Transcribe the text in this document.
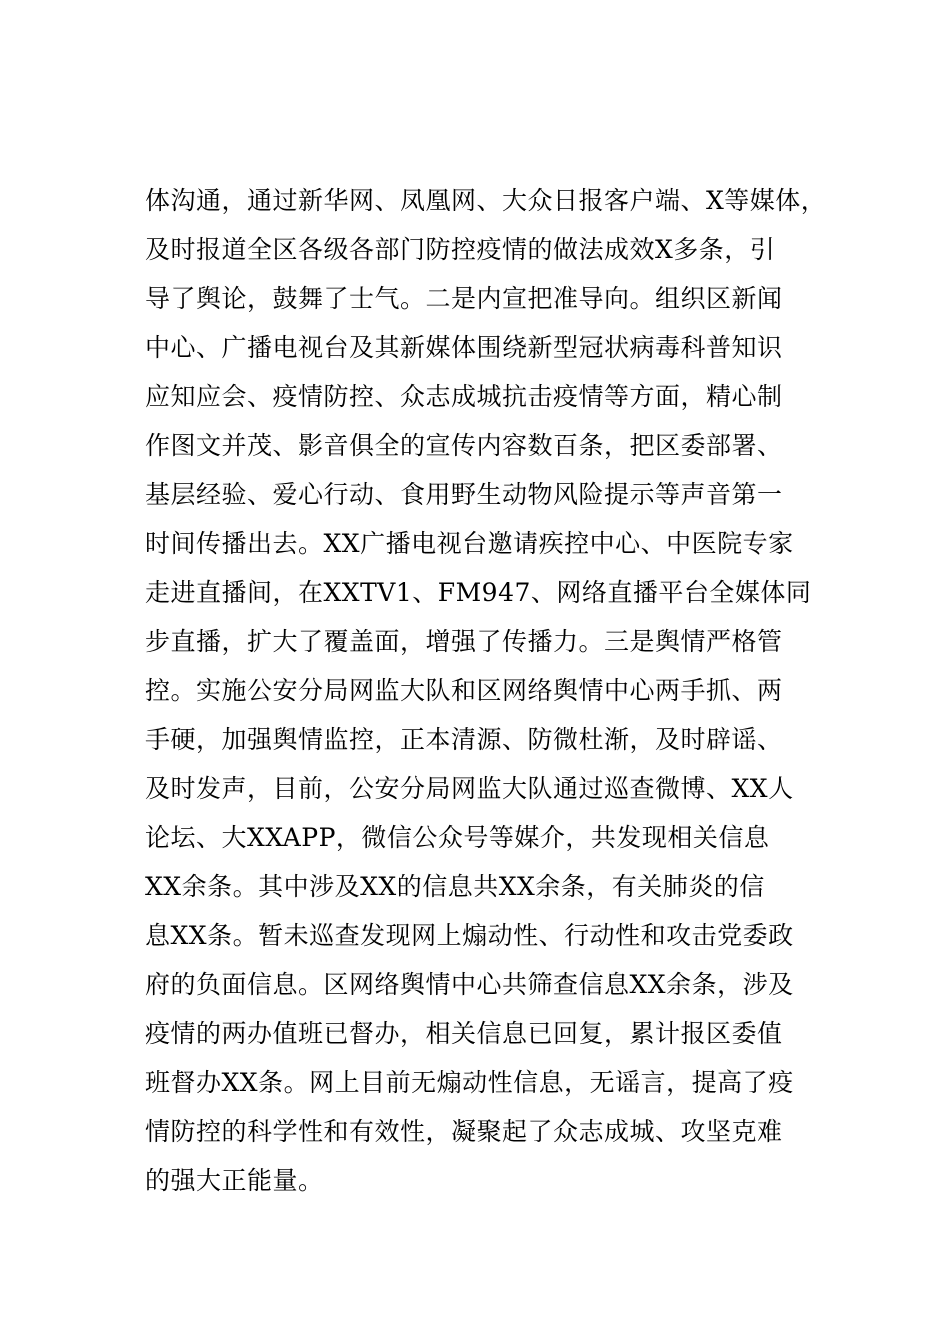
体沟通，通过新华网、凤凰网、大众日报客户端、X等媒体，
及时报道全区各级各部门防控疫情的做法成效X多条，引
导了舆论，鼓舞了士气。二是内宣把准导向。组织区新闻
中心、广播电视台及其新媒体围绕新型冠状病毒科普知识
应知应会、疫情防控、众志成城抗击疫情等方面，精心制
作图文并茂、影音俱全的宣传内容数百条，把区委部署、
基层经验、爱心行动、食用野生动物风险提示等声音第一
时间传播出去。XX广播电视台邀请疾控中心、中医院专家
走进直播间，在XXTV1、FM947、网络直播平台全媒体同
步直播，扩大了覆盖面，增强了传播力。三是舆情严格管
控。实施公安分局网监大队和区网络舆情中心两手抓、两
手硬，加强舆情监控，正本清源、防微杜渐，及时辟谣、
及时发声，目前，公安分局网监大队通过巡查微博、XX人
论坛、大XXAPP，微信公众号等媒介，共发现相关信息
XX余条。其中涉及XX的信息共XX余条，有关肺炎的信
息XX条。暂未巡查发现网上煽动性、行动性和攻击党委政
府的负面信息。区网络舆情中心共筛查信息XX余条，涉及
疫情的两办值班已督办，相关信息已回复，累计报区委值
班督办XX条。网上目前无煽动性信息，无谣言，提高了疫
情防控的科学性和有效性，凝聚起了众志成城、攻坚克难
的强大正能量。
